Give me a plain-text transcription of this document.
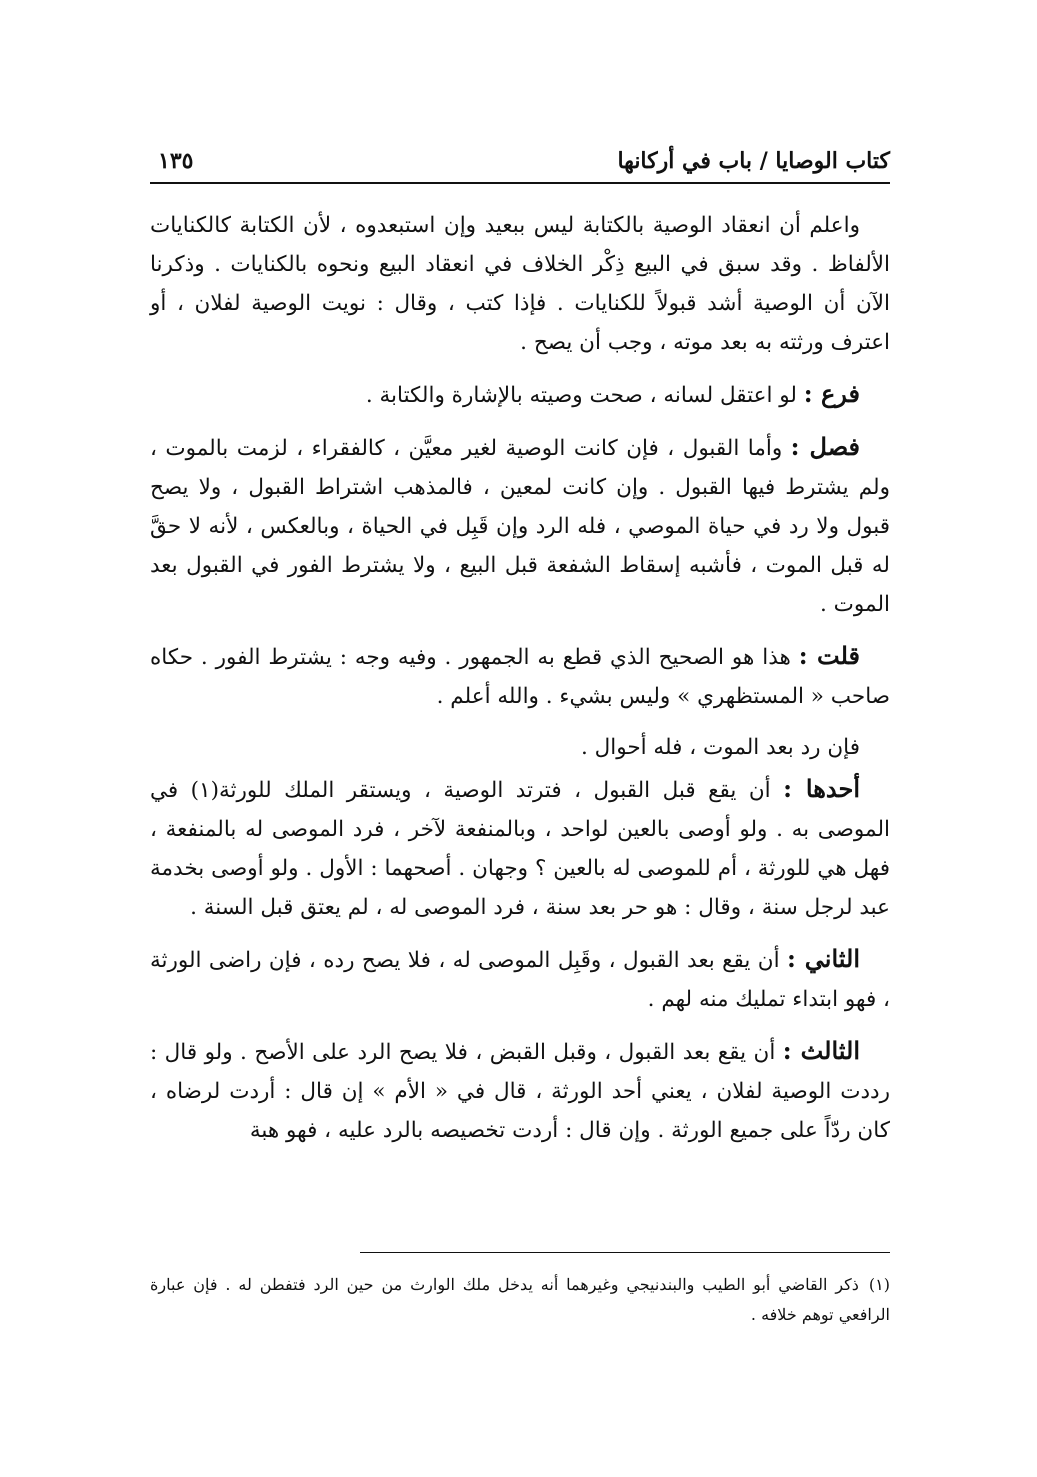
كتاب الوصايا / باب في أركانها
١٣٥

واعلم أن انعقاد الوصية بالكتابة ليس ببعيد وإن استبعدوه ، لأن الكتابة كالكنايات الألفاظ . وقد سبق في البيع ذِكْر الخلاف في انعقاد البيع ونحوه بالكنايات . وذكرنا الآن أن الوصية أشد قبولاً للكنايات . فإذا كتب ، وقال : نويت الوصية لفلان ، أو اعترف ورثته به بعد موته ، وجب أن يصح .

فرع : لو اعتقل لسانه ، صحت وصيته بالإشارة والكتابة .

فصل : وأما القبول ، فإن كانت الوصية لغير معيَّن ، كالفقراء ، لزمت بالموت ، ولم يشترط فيها القبول . وإن كانت لمعين ، فالمذهب اشتراط القبول ، ولا يصح قبول ولا رد في حياة الموصي ، فله الرد وإن قَبِل في الحياة ، وبالعكس ، لأنه لا حقَّ له قبل الموت ، فأشبه إسقاط الشفعة قبل البيع ، ولا يشترط الفور في القبول بعد الموت .

قلت : هذا هو الصحيح الذي قطع به الجمهور . وفيه وجه : يشترط الفور . حكاه صاحب « المستظهري » وليس بشيء . والله أعلم .

فإن رد بعد الموت ، فله أحوال .

أحدها : أن يقع قبل القبول ، فترتد الوصية ، ويستقر الملك للورثة(١) في الموصى به . ولو أوصى بالعين لواحد ، وبالمنفعة لآخر ، فرد الموصى له بالمنفعة ، فهل هي للورثة ، أم للموصى له بالعين ؟ وجهان . أصحهما : الأول . ولو أوصى بخدمة عبد لرجل سنة ، وقال : هو حر بعد سنة ، فرد الموصى له ، لم يعتق قبل السنة .

الثاني : أن يقع بعد القبول ، وقَبِل الموصى له ، فلا يصح رده ، فإن راضى الورثة ، فهو ابتداء تمليك منه لهم .

الثالث : أن يقع بعد القبول ، وقبل القبض ، فلا يصح الرد على الأصح . ولو قال : رددت الوصية لفلان ، يعني أحد الورثة ، قال في « الأم » إن قال : أردت لرضاه ، كان ردّاً على جميع الورثة . وإن قال : أردت تخصيصه بالرد عليه ، فهو هبة

(١)ذكر القاضي أبو الطيب والبندنيجي وغيرهما أنه يدخل ملك الوارث من حين الرد فتفطن له . فإن عبارة الرافعي توهم خلافه .
